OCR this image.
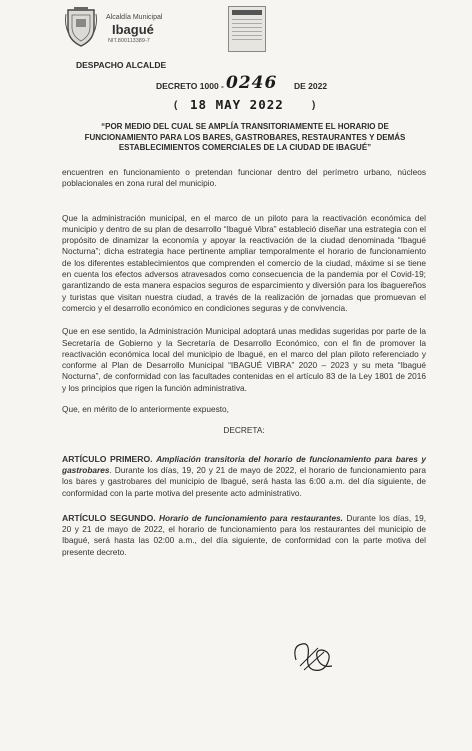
Alcaldía Municipal
Ibagué
NIT.800113389-7
DESPACHO ALCALDE
DECRETO 1000 - 0246 DE 2022
( 18 MAY 2022	)
“POR MEDIO DEL CUAL SE AMPLÍA TRANSITORIAMENTE EL HORARIO DE FUNCIONAMIENTO PARA LOS BARES, GASTROBARES, RESTAURANTES Y DEMÁS ESTABLECIMIENTOS COMERCIALES DE LA CIUDAD DE IBAGUÉ”

encuentren en funcionamiento o pretendan funcionar dentro del perímetro urbano, núcleos poblacionales en zona rural del municipio.

Que la administración municipal, en el marco de un piloto para la reactivación económica del municipio y dentro de su plan de desarrollo “Ibagué Vibra” estableció diseñar una estrategia con el propósito de dinamizar la economía y apoyar la reactivación de la ciudad denominada “Ibagué Nocturna”; dicha estrategia hace pertinente ampliar temporalmente el horario de funcionamiento de los diferentes establecimientos que comprenden el comercio de la ciudad, máxime si se tiene en cuenta los efectos adversos atravesados como consecuencia de la pandemia por el Covid-19; garantizando de esta manera espacios seguros de esparcimiento y diversión para los ibaguereños y turistas que visitan nuestra ciudad, a través de la realización de jornadas que promuevan el comercio y el desarrollo económico en condiciones seguras y de convivencia.

Que en ese sentido, la Administración Municipal adoptará unas medidas sugeridas por parte de la Secretaría de Gobierno y la Secretaría de Desarrollo Económico, con el fin de promover la reactivación económica local del municipio de Ibagué, en el marco del plan piloto referenciado y conforme al Plan de Desarrollo Municipal “IBAGUÉ VIBRA” 2020 – 2023 y su meta “Ibagué Nocturna”, de conformidad con las facultades contenidas en el artículo 83 de la Ley 1801 de 2016 y los principios que rigen la función administrativa.

Que, en mérito de lo anteriormente expuesto,

DECRETA:

ARTÍCULO PRIMERO. Ampliación transitoria del horario de funcionamiento para bares y gastrobares. Durante los días, 19, 20 y 21 de mayo de 2022, el horario de funcionamiento para los bares y gastrobares del municipio de Ibagué, será hasta las 6:00 a.m. del día siguiente, de conformidad con la parte motiva del presente acto administrativo.

ARTÍCULO SEGUNDO. Horario de funcionamiento para restaurantes. Durante los días, 19, 20 y 21 de mayo de 2022, el horario de funcionamiento para los restaurantes del municipio de Ibagué, será hasta las 02:00 a.m., del día siguiente, de conformidad con la parte motiva del presente decreto.
